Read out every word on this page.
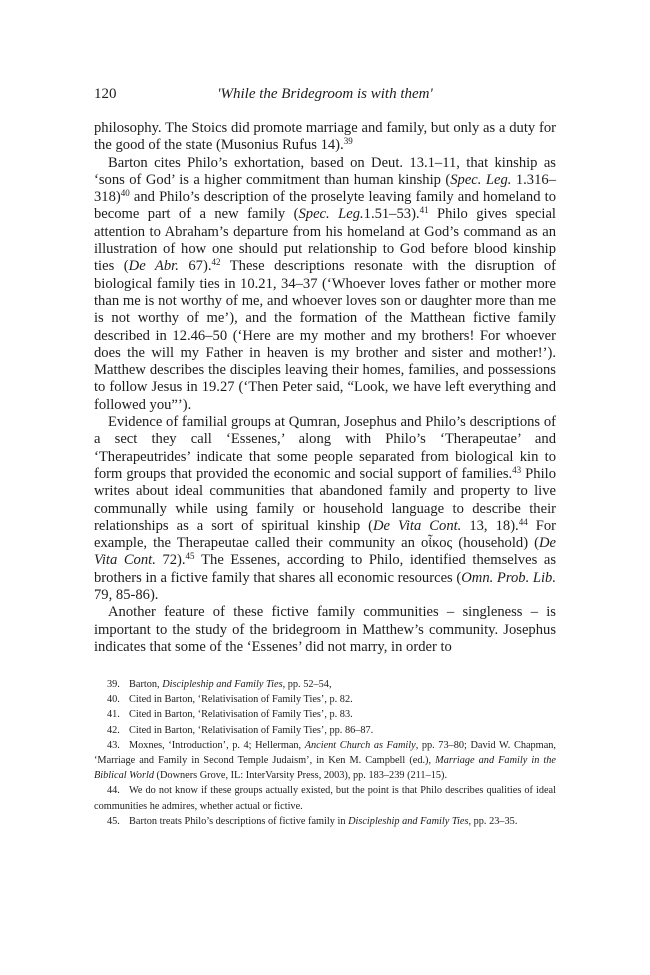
'While the Bridegroom is with them'
120

philosophy. The Stoics did promote marriage and family, but only as a duty for the good of the state (Musonius Rufus 14).$^{39}$

Barton cites Philo’s exhortation, based on Deut. 13.1–11, that kinship as ‘sons of God’ is a higher commitment than human kinship (Spec. Leg. 1.316–318)$^{40}$ and Philo’s description of the proselyte leaving family and homeland to become part of a new family (Spec. Leg.1.51–53).$^{41}$ Philo gives special attention to Abraham’s departure from his homeland at God’s command as an illustration of how one should put relationship to God before blood kinship ties (De Abr. 67).$^{42}$ These descriptions resonate with the disruption of biological family ties in 10.21, 34–37 (‘Whoever loves father or mother more than me is not worthy of me, and whoever loves son or daughter more than me is not worthy of me’), and the formation of the Matthean fictive family described in 12.46–50 (‘Here are my mother and my brothers! For whoever does the will my Father in heaven is my brother and sister and mother!’). Matthew describes the disciples leaving their homes, families, and possessions to follow Jesus in 19.27 (‘Then Peter said, “Look, we have left everything and followed you”’).

Evidence of familial groups at Qumran, Josephus and Philo’s descriptions of a sect they call ‘Essenes,’ along with Philo’s ‘Therapeutae’ and ‘Therapeutrides’ indicate that some people separated from biological kin to form groups that provided the economic and social support of families.$^{43}$ Philo writes about ideal communities that abandoned family and property to live communally while using family or household language to describe their relationships as a sort of spiritual kinship (De Vita Cont. 13, 18).$^{44}$ For example, the Therapeutae called their community an οἶκος (household) (De Vita Cont. 72).$^{45}$ The Essenes, according to Philo, identified themselves as brothers in a fictive family that shares all economic resources (Omn. Prob. Lib. 79, 85-86).

Another feature of these fictive family communities – singleness – is important to the study of the bridegroom in Matthew’s community. Josephus indicates that some of the ‘Essenes’ did not marry, in order to

39. Barton, Discipleship and Family Ties, pp. 52–54,

40. Cited in Barton, ‘Relativisation of Family Ties’, p. 82.

41. Cited in Barton, ‘Relativisation of Family Ties’, p. 83.

42. Cited in Barton, ‘Relativisation of Family Ties’, pp. 86–87.

43. Moxnes, ‘Introduction’, p. 4; Hellerman, Ancient Church as Family, pp. 73–80; David W. Chapman, ‘Marriage and Family in Second Temple Judaism’, in Ken M. Campbell (ed.), Marriage and Family in the Biblical World (Downers Grove, IL: InterVarsity Press, 2003), pp. 183–239 (211–15).

44. We do not know if these groups actually existed, but the point is that Philo describes qualities of ideal communities he admires, whether actual or fictive.

45. Barton treats Philo’s descriptions of fictive family in Discipleship and Family Ties, pp. 23–35.
